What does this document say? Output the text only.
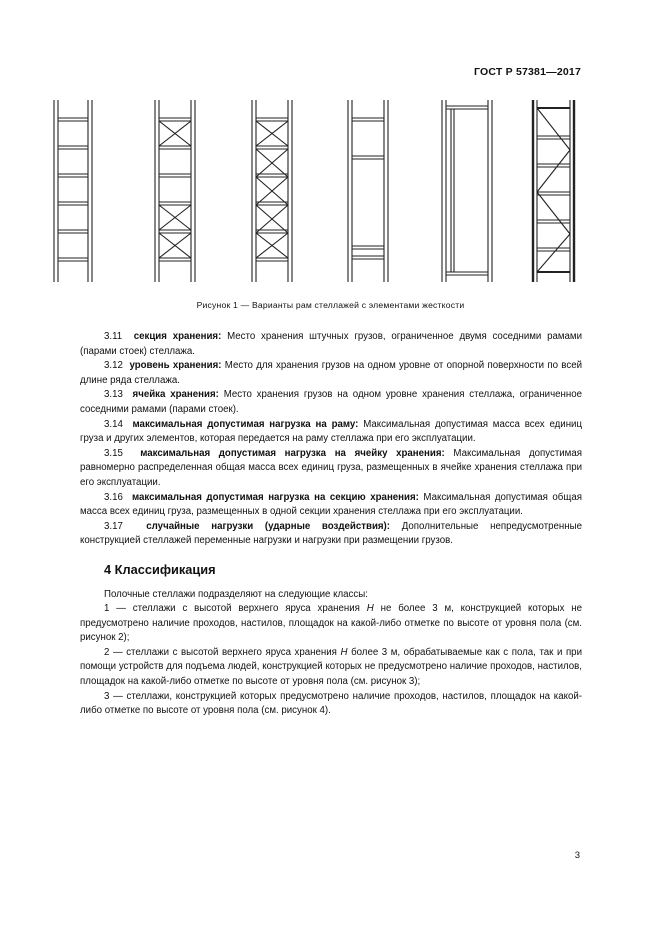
ГОСТ Р 57381—2017
Рисунок 1 — Варианты рам стеллажей с элементами жесткости

3.11 секция хранения: Место хранения штучных грузов, ограниченное двумя соседними рамами (парами стоек) стеллажа.

3.12 уровень хранения: Место для хранения грузов на одном уровне от опорной поверхности по всей длине ряда стеллажа.

3.13 ячейка хранения: Место хранения грузов на одном уровне хранения стеллажа, ограниченное соседними рамами (парами стоек).

3.14 максимальная допустимая нагрузка на раму: Максимальная допустимая масса всех единиц груза и других элементов, которая передается на раму стеллажа при его эксплуатации.

3.15 максимальная допустимая нагрузка на ячейку хранения: Максимальная допустимая равномерно распределенная общая масса всех единиц груза, размещенных в ячейке хранения стеллажа при его эксплуатации.

3.16 максимальная допустимая нагрузка на секцию хранения: Максимальная допустимая общая масса всех единиц груза, размещенных в одной секции хранения стеллажа при его эксплуатации.

3.17 случайные нагрузки (ударные воздействия): Дополнительные непредусмотренные конструкцией стеллажей переменные нагрузки и нагрузки при размещении грузов.

4 Классификация

Полочные стеллажи подразделяют на следующие классы:

1 — стеллажи с высотой верхнего яруса хранения H не более 3 м, конструкцией которых не предусмотрено наличие проходов, настилов, площадок на какой-либо отметке по высоте от уровня пола (см. рисунок 2);

2 — стеллажи с высотой верхнего яруса хранения H более 3 м, обрабатываемые как с пола, так и при помощи устройств для подъема людей, конструкцией которых не предусмотрено наличие проходов, настилов, площадок на какой-либо отметке по высоте от уровня пола (см. рисунок 3);

3 — стеллажи, конструкцией которых предусмотрено наличие проходов, настилов, площадок на какой-либо отметке по высоте от уровня пола (см. рисунок 4).

3
